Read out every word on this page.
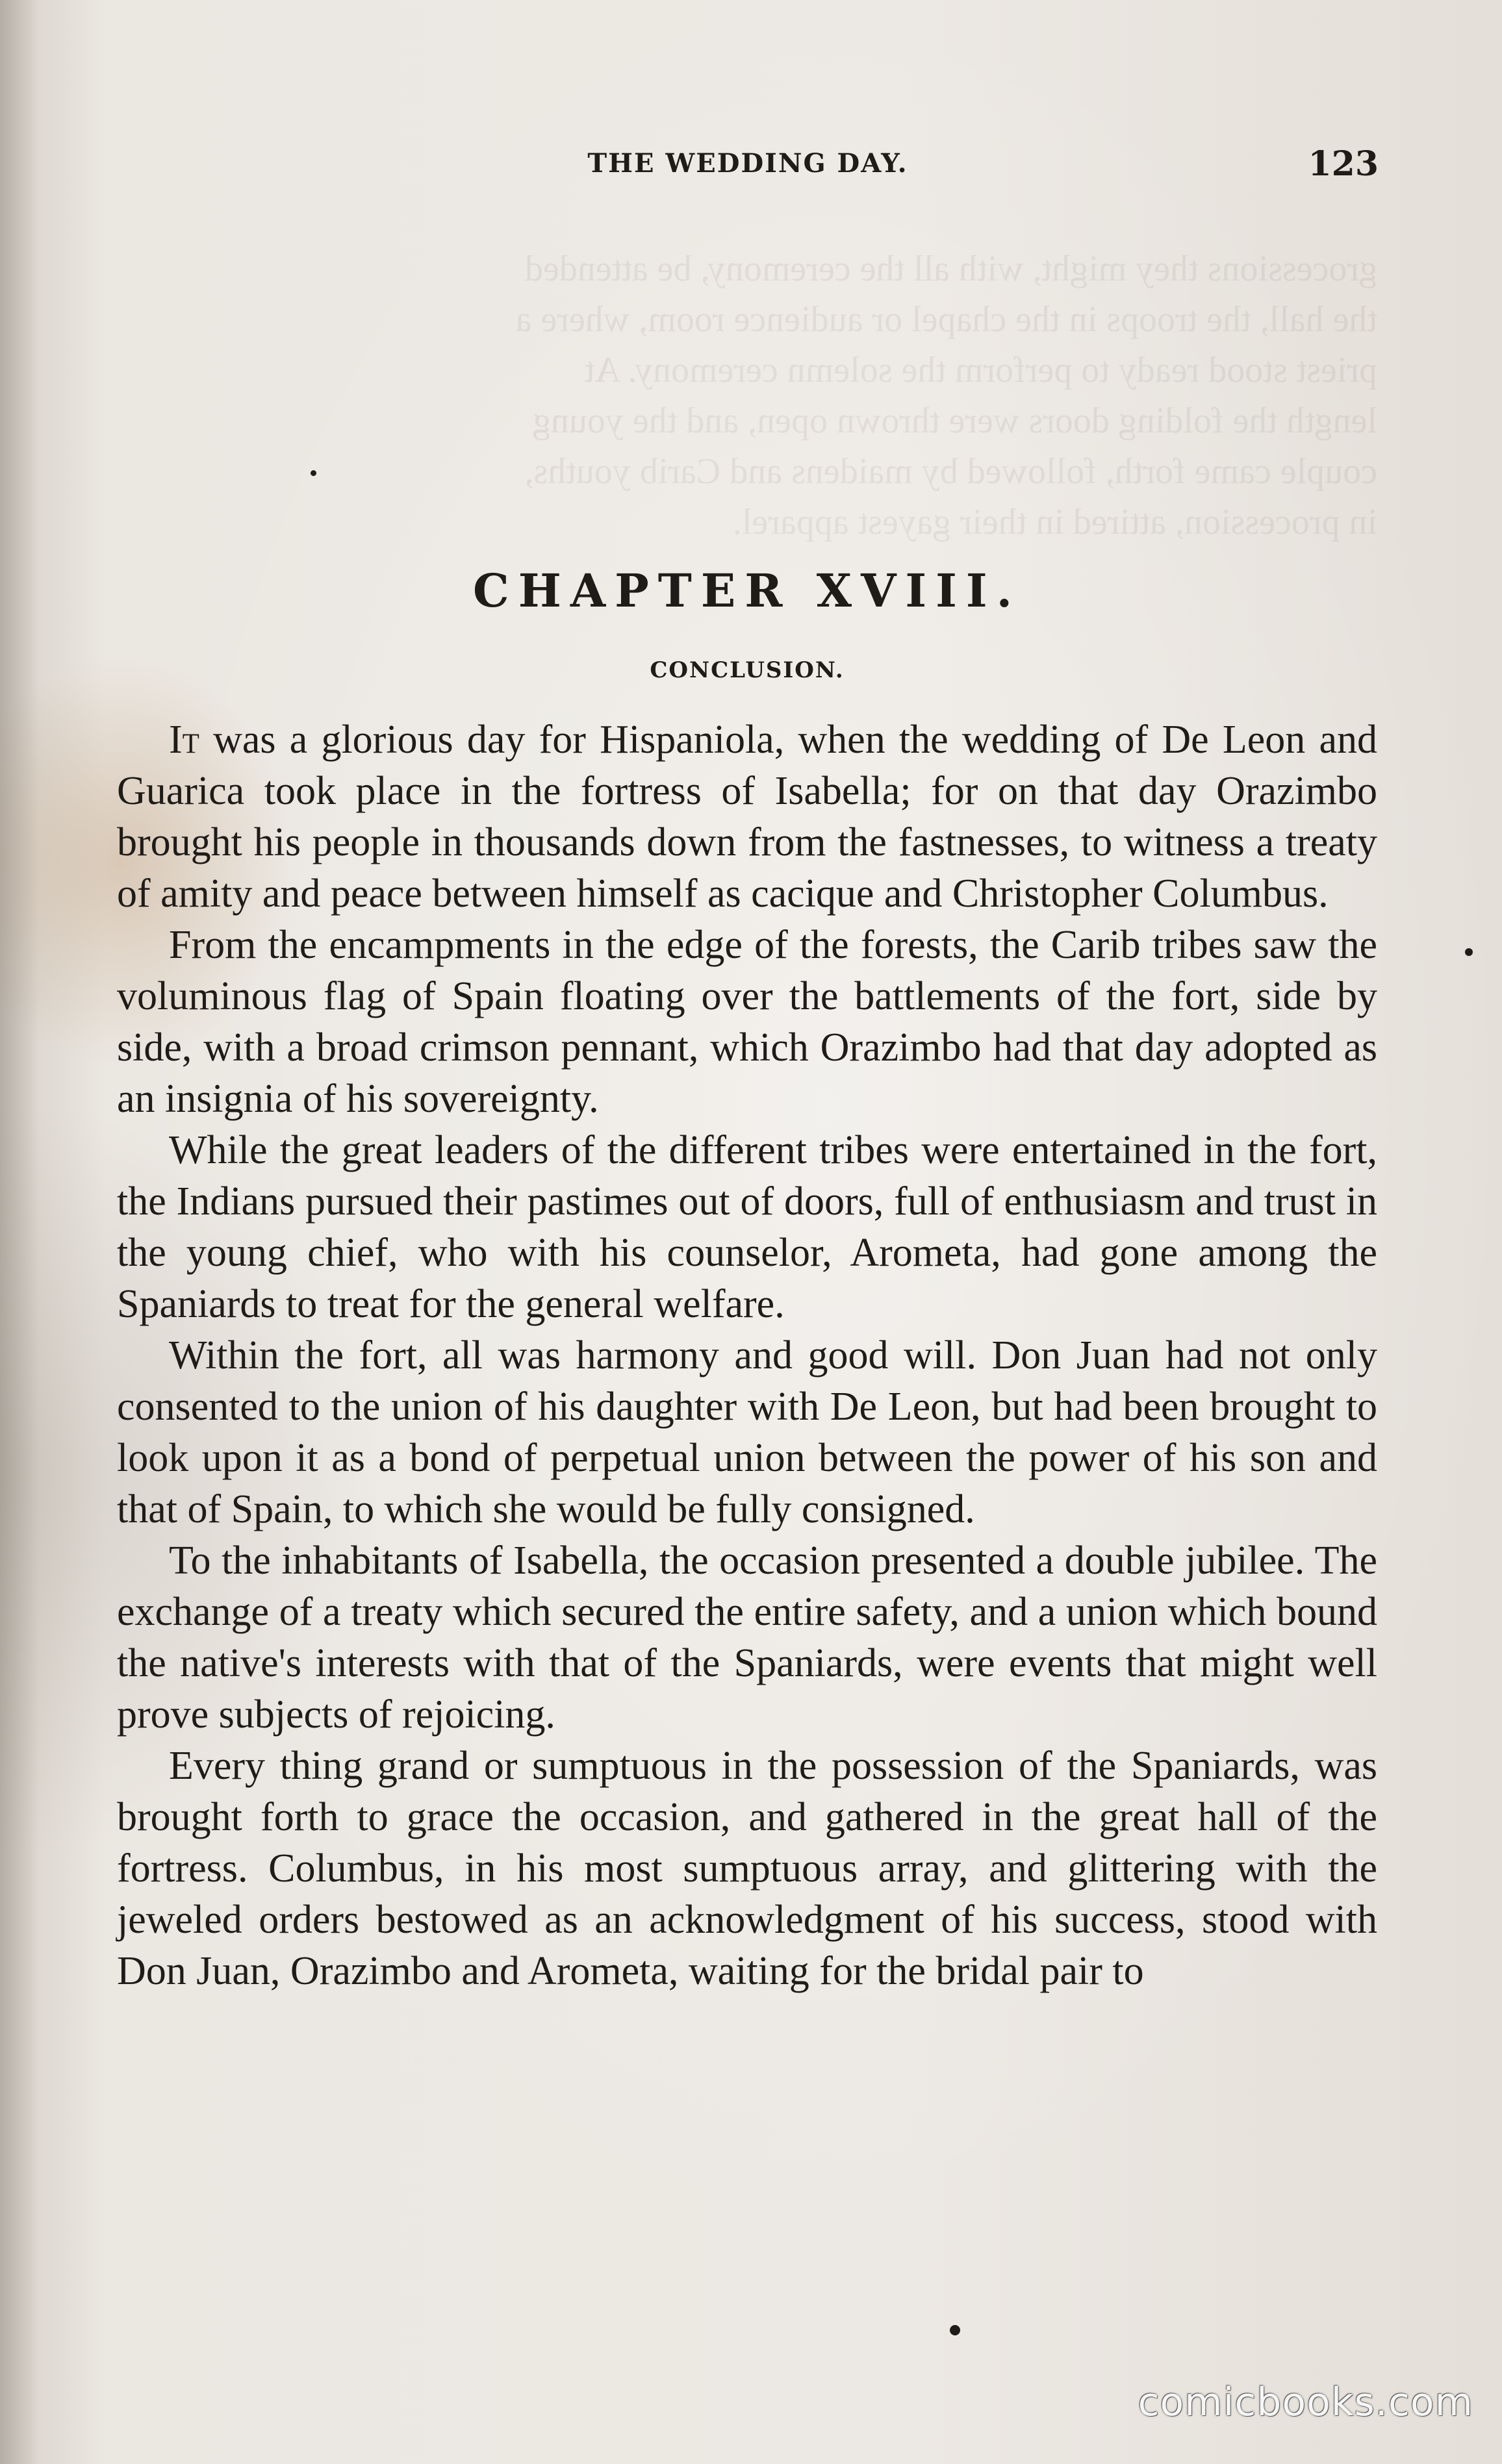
grocessions they might, with all the ceremony, be attended
the hall, the troops in the chapel or audience room, where a
priest stood ready to perform the solemn ceremony. At
length the folding doors were thrown open, and the young
couple came forth, followed by maidens and Carib youths,
in procession, attired in their gayest apparel.
THE WEDDING DAY.	123
CHAPTER XVIII.
CONCLUSION.

It was a glorious day for Hispaniola, when the wedding of De Leon and Guarica took place in the fortress of Isabella; for on that day Orazimbo brought his people in thousands down from the fastnesses, to witness a treaty of amity and peace between himself as cacique and Christopher Columbus.

From the encampments in the edge of the forests, the Carib tribes saw the voluminous flag of Spain floating over the battlements of the fort, side by side, with a broad crimson pennant, which Orazimbo had that day adopted as an insignia of his sovereignty.

While the great leaders of the different tribes were entertained in the fort, the Indians pursued their pastimes out of doors, full of enthusiasm and trust in the young chief, who with his counselor, Arometa, had gone among the Spaniards to treat for the general welfare.

Within the fort, all was harmony and good will. Don Juan had not only consented to the union of his daughter with De Leon, but had been brought to look upon it as a bond of perpetual union between the power of his son and that of Spain, to which she would be fully consigned.

To the inhabitants of Isabella, the occasion presented a double jubilee. The exchange of a treaty which secured the entire safety, and a union which bound the native's interests with that of the Spaniards, were events that might well prove subjects of rejoicing.

Every thing grand or sumptuous in the possession of the Spaniards, was brought forth to grace the occasion, and gathered in the great hall of the fortress. Columbus, in his most sumptuous array, and glittering with the jeweled orders bestowed as an acknowledgment of his success, stood with Don Juan, Orazimbo and Arometa, waiting for the bridal pair to

comicbooks.com
